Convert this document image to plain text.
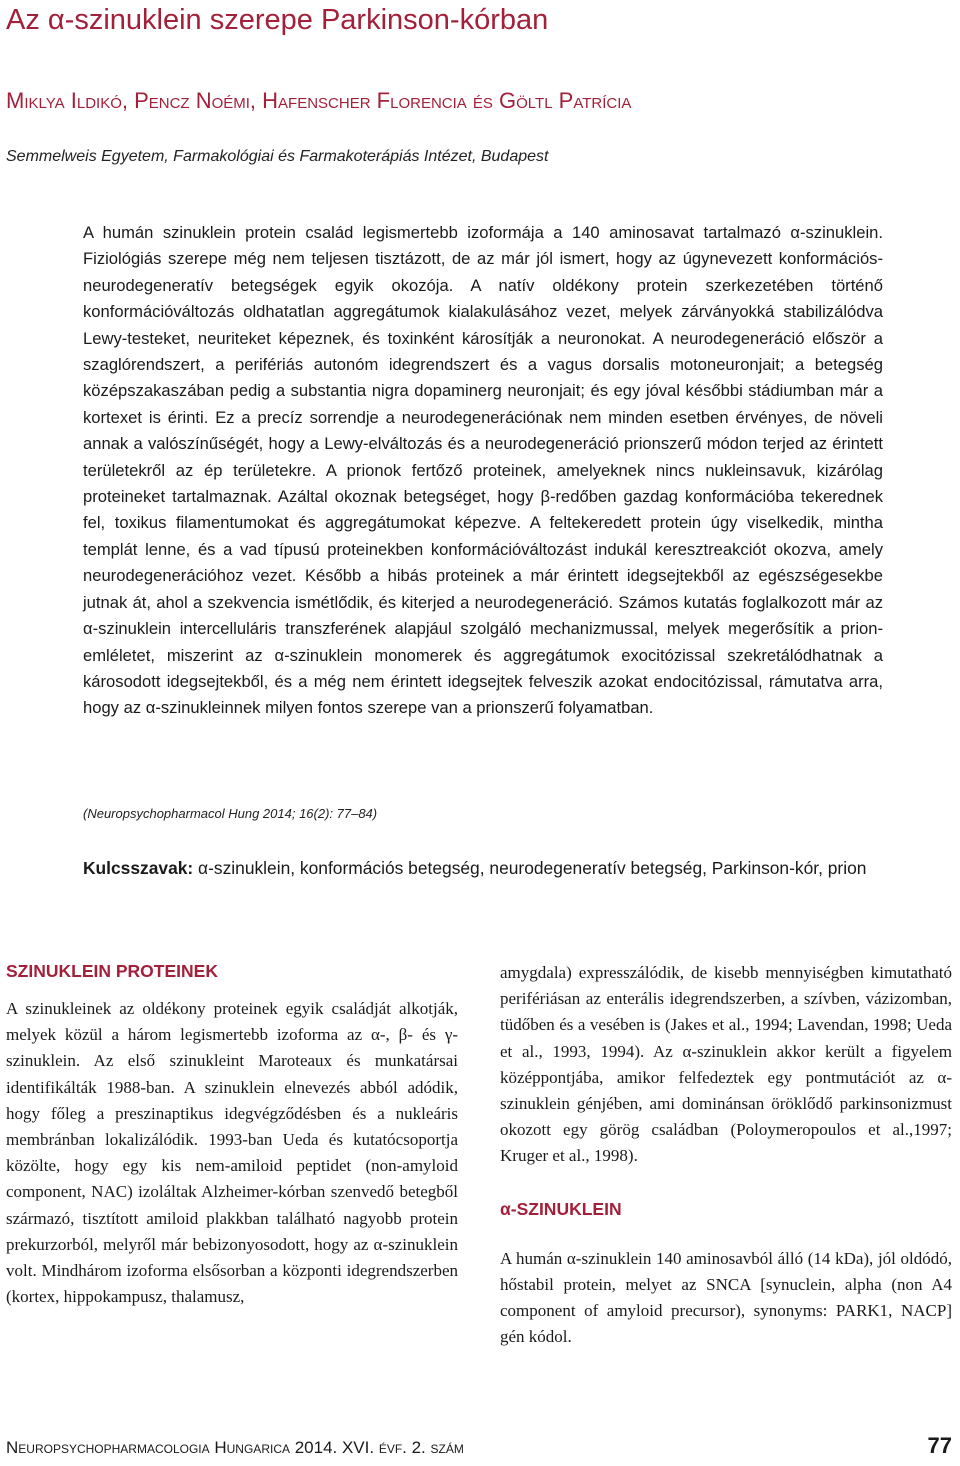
Az α-szinuklein szerepe Parkinson-kórban
Miklya Ildikó, Pencz Noémi, Hafenscher Florencia és Göltl Patrícia
Semmelweis Egyetem, Farmakológiai és Farmakoterápiás Intézet, Budapest

A humán szinuklein protein család legismertebb izoformája a 140 aminosavat tartalmazó α-szinuklein. Fiziológiás szerepe még nem teljesen tisztázott, de az már jól ismert, hogy az úgynevezett konformációs-neurodegeneratív betegségek egyik okozója. A natív oldékony protein szerkezetében történő konformációváltozás oldhatatlan aggregátumok kialakulásához vezet, melyek zárványokká stabilizálódva Lewy-testeket, neuriteket képeznek, és toxinként károsítják a neuronokat. A neurodegeneráció először a szaglórendszert, a perifériás autonóm idegrendszert és a vagus dorsalis motoneuronjait; a betegség középszakaszában pedig a substantia nigra dopaminerg neuronjait; és egy jóval későbbi stádiumban már a kortexet is érinti. Ez a precíz sorrendje a neurodegenerációnak nem minden esetben érvényes, de növeli annak a valószínűségét, hogy a Lewy-elváltozás és a neurodegeneráció prionszerű módon terjed az érintett területekről az ép területekre. A prionok fertőző proteinek, amelyeknek nincs nukleinsavuk, kizárólag proteineket tartalmaznak. Azáltal okoznak betegséget, hogy β-redőben gazdag konformációba tekerednek fel, toxikus filamentumokat és aggregátumokat képezve. A feltekeredett protein úgy viselkedik, mintha templát lenne, és a vad típusú proteinekben konformációváltozást indukál keresztreakciót okozva, amely neurodegenerációhoz vezet. Később a hibás proteinek a már érintett idegsejtekből az egészségesekbe jutnak át, ahol a szekvencia ismétlődik, és kiterjed a neurodegeneráció. Számos kutatás foglalkozott már az α-szinuklein intercelluláris transzferének alapjául szolgáló mechanizmussal, melyek megerősítik a prion-emléletet, miszerint az α-szinuklein monomerek és aggregátumok exocitózissal szekretálódhatnak a károsodott idegsejtekből, és a még nem érintett idegsejtek felveszik azokat endocitózissal, rámutatva arra, hogy az α-szinukleinnek milyen fontos szerepe van a prionszerű folyamatban.

(Neuropsychopharmacol Hung 2014; 16(2): 77–84)
Kulcsszavak: α-szinuklein, konformációs betegség, neurodegeneratív betegség, Parkinson-kór, prion
SZINUKLEIN PROTEINEK

A szinukleinek az oldékony proteinek egyik családját alkotják, melyek közül a három legismertebb izoforma az α-, β- és γ-szinuklein. Az első szinukleint Maroteaux és munkatársai identifikálták 1988-ban. A szinuklein elnevezés abból adódik, hogy főleg a preszinaptikus idegvégződésben és a nukleáris membránban lokalizálódik. 1993-ban Ueda és kutatócsoportja közölte, hogy egy kis nem-amiloid peptidet (non-amyloid component, NAC) izoláltak Alzheimer-kórban szenvedő betegből származó, tisztított amiloid plakkban található nagyobb protein prekurzorból, melyről már bebizonyosodott, hogy az α-szinuklein volt. Mindhárom izoforma elsősorban a központi idegrendszerben (kortex, hippokampusz, thalamusz,

amygdala) expresszálódik, de kisebb mennyiségben kimutatható perifériásan az enterális idegrendszerben, a szívben, vázizomban, tüdőben és a vesében is (Jakes et al., 1994; Lavendan, 1998; Ueda et al., 1993, 1994). Az α-szinuklein akkor került a figyelem középpontjába, amikor felfedeztek egy pontmutációt az α-szinuklein génjében, ami dominánsan öröklődő parkinsonizmust okozott egy görög családban (Poloymeropoulos et al.,1997; Kruger et al., 1998).

α-SZINUKLEIN

A humán α-szinuklein 140 aminosavból álló (14 kDa), jól oldódó, hőstabil protein, melyet az SNCA [synuclein, alpha (non A4 component of amyloid precursor), synonyms: PARK1, NACP] gén kódol.

Neuropsychopharmacologia Hungarica 2014. XVI. évf. 2. szám	77
